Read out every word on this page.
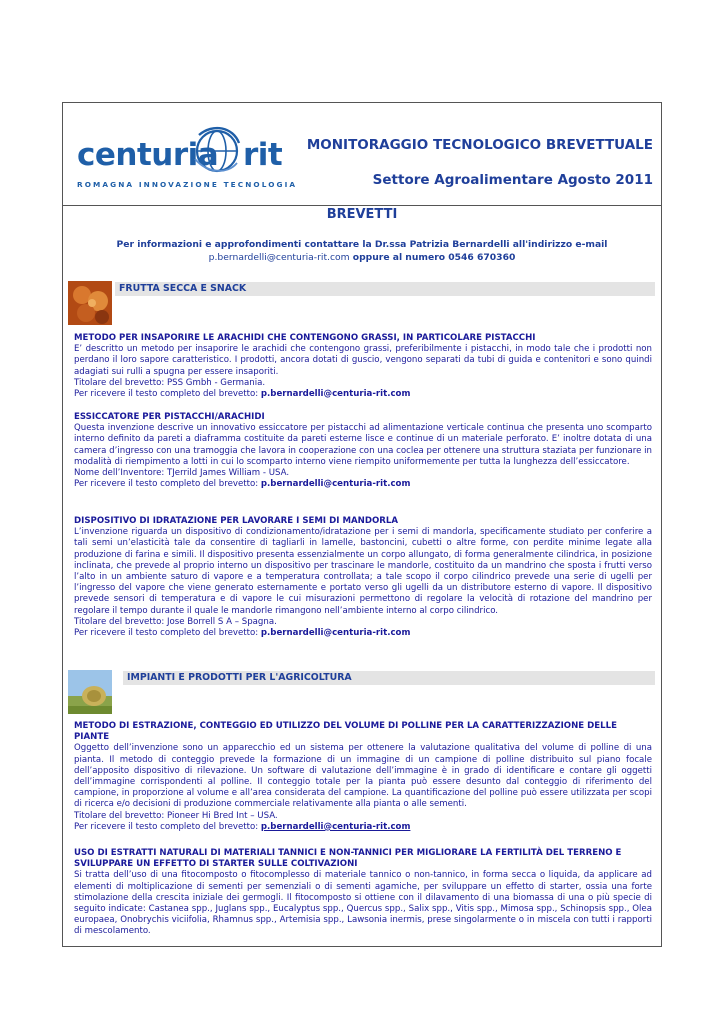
centuria rit
ROMAGNA INNOVAZIONE TECNOLOGIA
MONITORAGGIO TECNOLOGICO BREVETTUALE
Settore Agroalimentare Agosto 2011
BREVETTI
Per informazioni e approfondimenti contattare la Dr.ssa Patrizia Bernardelli all'indirizzo e-mail
p.bernardelli@centuria-rit.com oppure al numero 0546 670360
FRUTTA SECCA E SNACK
METODO PER INSAPORIRE LE ARACHIDI CHE CONTENGONO GRASSI, IN PARTICOLARE PISTACCHI

E’ descritto un metodo per insaporire le arachidi che contengono grassi, preferibilmente i pistacchi, in modo tale che i prodotti non perdano il loro sapore caratteristico. I prodotti, ancora dotati di guscio, vengono separati da tubi di guida e contenitori e sono quindi adagiati sui rulli a spugna per essere insaporiti.

Titolare del brevetto: PSS Gmbh - Germania.

Per ricevere il testo completo del brevetto: p.bernardelli@centuria-rit.com

ESSICCATORE PER PISTACCHI/ARACHIDI

Questa invenzione descrive un innovativo essiccatore per pistacchi ad alimentazione verticale continua che presenta uno scomparto interno definito da pareti a diaframma costituite da pareti esterne lisce e continue di un materiale perforato. E’ inoltre dotata di una camera d’ingresso con una tramoggia che lavora in cooperazione con una coclea per ottenere una struttura staziata per funzionare in modalità di riempimento a lotti in cui lo scomparto interno viene riempito uniformemente per tutta la lunghezza dell’essiccatore.

Nome dell’Inventore: TJerrild James William - USA.

Per ricevere il testo completo del brevetto: p.bernardelli@centuria-rit.com

DISPOSITIVO DI IDRATAZIONE PER LAVORARE I SEMI DI MANDORLA

L’invenzione riguarda un dispositivo di condizionamento/idratazione per i semi di mandorla, specificamente studiato per conferire a tali semi un’elasticità tale da consentire di tagliarli in lamelle, bastoncini, cubetti o altre forme, con perdite minime legate alla produzione di farina e simili. Il dispositivo presenta essenzialmente un corpo allungato, di forma generalmente cilindrica, in posizione inclinata, che prevede al proprio interno un dispositivo per trascinare le mandorle, costituito da un mandrino che sposta i frutti verso l’alto in un ambiente saturo di vapore e a temperatura controllata; a tale scopo il corpo cilindrico prevede una serie di ugelli per l’ingresso del vapore che viene generato esternamente e portato verso gli ugelli da un distributore esterno di vapore. Il dispositivo prevede sensori di temperatura e di vapore le cui misurazioni permettono di regolare la velocità di rotazione del mandrino per regolare il tempo durante il quale le mandorle rimangono nell’ambiente interno al corpo cilindrico.

Titolare del brevetto: Jose Borrell S A – Spagna.

Per ricevere il testo completo del brevetto: p.bernardelli@centuria-rit.com

IMPIANTI E PRODOTTI PER L'AGRICOLTURA
METODO DI ESTRAZIONE, CONTEGGIO ED UTILIZZO DEL VOLUME DI POLLINE PER LA CARATTERIZZAZIONE DELLE PIANTE

Oggetto dell’invenzione sono un apparecchio ed un sistema per ottenere la valutazione qualitativa del volume di polline di una pianta. Il metodo di conteggio prevede la formazione di un immagine di un campione di polline distribuito sul piano focale dell’apposito dispositivo di rilevazione. Un software di valutazione dell’immagine è in grado di identificare e contare gli oggetti dell’immagine corrispondenti al polline. Il conteggio totale per la pianta può essere desunto dal conteggio di riferimento del campione, in proporzione al volume e all’area considerata del campione. La quantificazione del polline può essere utilizzata per scopi di ricerca e/o decisioni di produzione commerciale relativamente alla pianta o alle sementi.

Titolare del brevetto: Pioneer Hi Bred Int – USA.

Per ricevere il testo completo del brevetto: p.bernardelli@centuria-rit.com

USO DI ESTRATTI NATURALI DI MATERIALI TANNICI E NON-TANNICI PER MIGLIORARE LA FERTILITÀ DEL TERRENO E SVILUPPARE UN EFFETTO DI STARTER SULLE COLTIVAZIONI

Si tratta dell’uso di una fitocomposto o fitocomplesso di materiale tannico o non-tannico, in forma secca o liquida, da applicare ad elementi di moltiplicazione di sementi per semenziali o di sementi agamiche, per sviluppare un effetto di starter, ossia una forte stimolazione della crescita iniziale dei germogli. Il fitocomposto si ottiene con il dilavamento di una biomassa di una o più specie di seguito indicate: Castanea spp., Juglans spp., Eucalyptus spp., Quercus spp., Salix spp., Vitis spp., Mimosa spp., Schinopsis spp., Olea europaea, Onobrychis viciifolia, Rhamnus spp., Artemisia spp., Lawsonia inermis, prese singolarmente o in miscela con tutti i rapporti di mescolamento.
